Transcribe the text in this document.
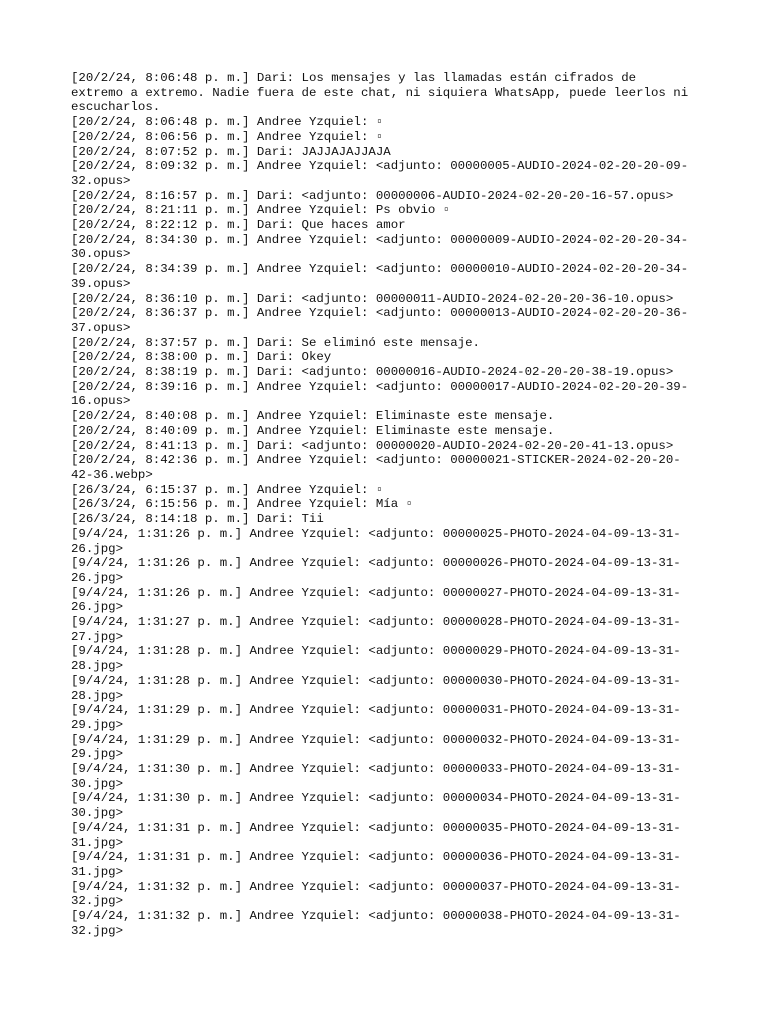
[20/2/24, 8:06:48 p. m.] Dari: Los mensajes y las llamadas están cifrados de

extremo a extremo. Nadie fuera de este chat, ni siquiera WhatsApp, puede leerlos ni

escucharlos.

[20/2/24, 8:06:48 p. m.] Andree Yzquiel: ▫

[20/2/24, 8:06:56 p. m.] Andree Yzquiel: ▫

[20/2/24, 8:07:52 p. m.] Dari: JAJJAJAJJAJA

[20/2/24, 8:09:32 p. m.] Andree Yzquiel: <adjunto: 00000005-AUDIO-2024-02-20-20-09-

32.opus>

[20/2/24, 8:16:57 p. m.] Dari: <adjunto: 00000006-AUDIO-2024-02-20-20-16-57.opus>

[20/2/24, 8:21:11 p. m.] Andree Yzquiel: Ps obvio ▫

[20/2/24, 8:22:12 p. m.] Dari: Que haces amor

[20/2/24, 8:34:30 p. m.] Andree Yzquiel: <adjunto: 00000009-AUDIO-2024-02-20-20-34-

30.opus>

[20/2/24, 8:34:39 p. m.] Andree Yzquiel: <adjunto: 00000010-AUDIO-2024-02-20-20-34-

39.opus>

[20/2/24, 8:36:10 p. m.] Dari: <adjunto: 00000011-AUDIO-2024-02-20-20-36-10.opus>

[20/2/24, 8:36:37 p. m.] Andree Yzquiel: <adjunto: 00000013-AUDIO-2024-02-20-20-36-

37.opus>

[20/2/24, 8:37:57 p. m.] Dari: Se eliminó este mensaje.

[20/2/24, 8:38:00 p. m.] Dari: Okey

[20/2/24, 8:38:19 p. m.] Dari: <adjunto: 00000016-AUDIO-2024-02-20-20-38-19.opus>

[20/2/24, 8:39:16 p. m.] Andree Yzquiel: <adjunto: 00000017-AUDIO-2024-02-20-20-39-

16.opus>

[20/2/24, 8:40:08 p. m.] Andree Yzquiel: Eliminaste este mensaje.

[20/2/24, 8:40:09 p. m.] Andree Yzquiel: Eliminaste este mensaje.

[20/2/24, 8:41:13 p. m.] Dari: <adjunto: 00000020-AUDIO-2024-02-20-20-41-13.opus>

[20/2/24, 8:42:36 p. m.] Andree Yzquiel: <adjunto: 00000021-STICKER-2024-02-20-20-

42-36.webp>

[26/3/24, 6:15:37 p. m.] Andree Yzquiel: ▫

[26/3/24, 6:15:56 p. m.] Andree Yzquiel: Mía ▫

[26/3/24, 8:14:18 p. m.] Dari: Tii

[9/4/24, 1:31:26 p. m.] Andree Yzquiel: <adjunto: 00000025-PHOTO-2024-04-09-13-31-

26.jpg>

[9/4/24, 1:31:26 p. m.] Andree Yzquiel: <adjunto: 00000026-PHOTO-2024-04-09-13-31-

26.jpg>

[9/4/24, 1:31:26 p. m.] Andree Yzquiel: <adjunto: 00000027-PHOTO-2024-04-09-13-31-

26.jpg>

[9/4/24, 1:31:27 p. m.] Andree Yzquiel: <adjunto: 00000028-PHOTO-2024-04-09-13-31-

27.jpg>

[9/4/24, 1:31:28 p. m.] Andree Yzquiel: <adjunto: 00000029-PHOTO-2024-04-09-13-31-

28.jpg>

[9/4/24, 1:31:28 p. m.] Andree Yzquiel: <adjunto: 00000030-PHOTO-2024-04-09-13-31-

28.jpg>

[9/4/24, 1:31:29 p. m.] Andree Yzquiel: <adjunto: 00000031-PHOTO-2024-04-09-13-31-

29.jpg>

[9/4/24, 1:31:29 p. m.] Andree Yzquiel: <adjunto: 00000032-PHOTO-2024-04-09-13-31-

29.jpg>

[9/4/24, 1:31:30 p. m.] Andree Yzquiel: <adjunto: 00000033-PHOTO-2024-04-09-13-31-

30.jpg>

[9/4/24, 1:31:30 p. m.] Andree Yzquiel: <adjunto: 00000034-PHOTO-2024-04-09-13-31-

30.jpg>

[9/4/24, 1:31:31 p. m.] Andree Yzquiel: <adjunto: 00000035-PHOTO-2024-04-09-13-31-

31.jpg>

[9/4/24, 1:31:31 p. m.] Andree Yzquiel: <adjunto: 00000036-PHOTO-2024-04-09-13-31-

31.jpg>

[9/4/24, 1:31:32 p. m.] Andree Yzquiel: <adjunto: 00000037-PHOTO-2024-04-09-13-31-

32.jpg>

[9/4/24, 1:31:32 p. m.] Andree Yzquiel: <adjunto: 00000038-PHOTO-2024-04-09-13-31-

32.jpg>
